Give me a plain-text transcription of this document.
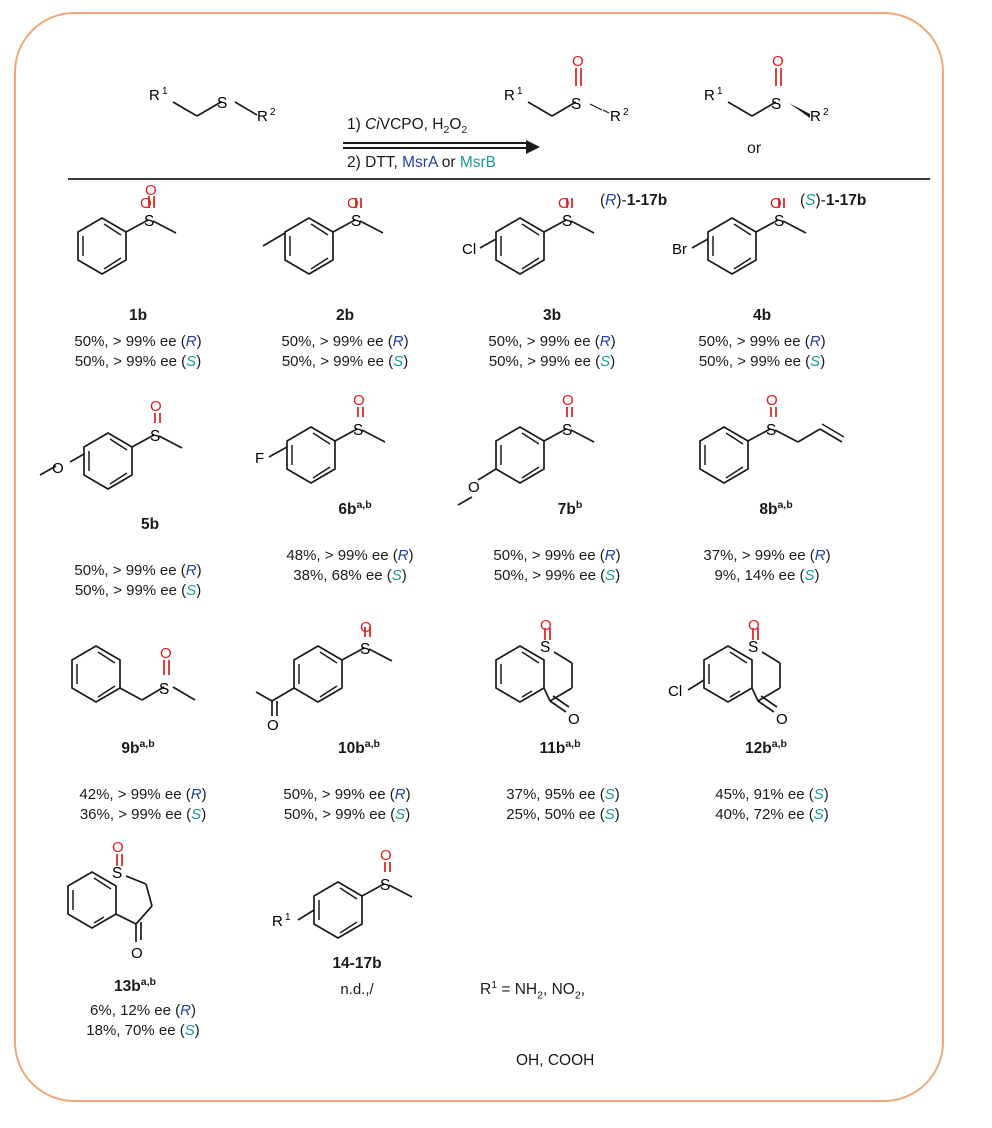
R 1
S
R 2
1) CiVCPO, $H_2O_2$
2) DTT, MsrA or MsrB
R 1
S
O
R 2
or
R 1
S
O
R 2
(R)-1-17b	(S)-1-17b
S
O
O
1b
50%, > 99% ee (R)
50%, > 99% ee (S)
S
O
2b
50%, > 99% ee (R)
50%, > 99% ee (S)
Cl
S
O
3b
50%, > 99% ee (R)
50%, > 99% ee (S)
Br
S
O
4b
50%, > 99% ee (R)
50%, > 99% ee (S)
O
S
O
5b
50%, > 99% ee (R)
50%, > 99% ee (S)
F
S
O
$6b^{a,b}$
48%, > 99% ee (R)
38%, 68% ee (S)
O
S
O
$7b^b$
50%, > 99% ee (R)
50%, > 99% ee (S)
S
O
$8b^{a,b}$
37%, > 99% ee (R)
9%, 14% ee (S)
S
O
$9b^{a,b}$
42%, > 99% ee (R)
36%, > 99% ee (S)
O
S
O
$10b^{a,b}$
50%, > 99% ee (R)
50%, > 99% ee (S)
S
O
O
$11b^{a,b}$
37%, 95% ee (S)
25%, 50% ee (S)
Cl
S
O
O
$12b^{a,b}$
45%, 91% ee (S)
40%, 72% ee (S)
S
O
O
$13b^{a,b}$
6%, 12% ee (R)
18%, 70% ee (S)
R 1
S
O
14-17b
n.d.,/

	$R^1 = NH_2$, $NO_2$,

OH, COOH
